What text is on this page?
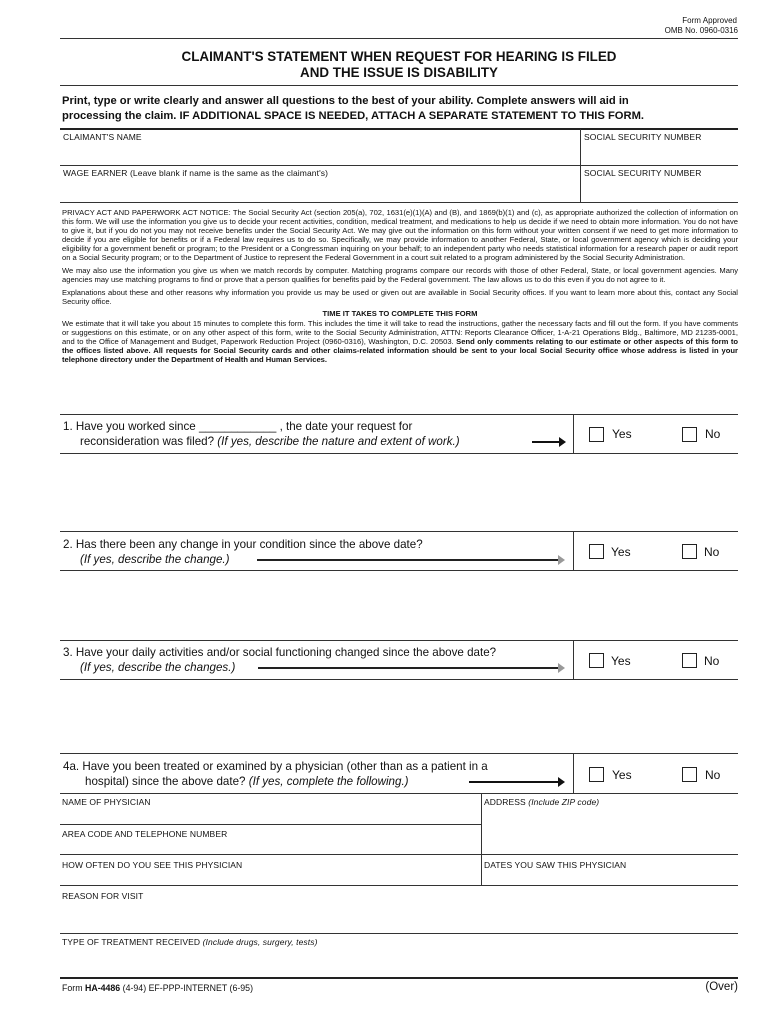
Form Approved
OMB No. 0960-0316
CLAIMANT'S STATEMENT WHEN REQUEST FOR HEARING IS FILED
AND THE ISSUE IS DISABILITY
Print, type or write clearly and answer all questions to the best of your ability. Complete answers will aid in
processing the claim. IF ADDITIONAL SPACE IS NEEDED, ATTACH A SEPARATE STATEMENT TO THIS FORM.
CLAIMANT'S NAME	SOCIAL SECURITY NUMBER
WAGE EARNER (Leave blank if name is the same as the claimant's)	SOCIAL SECURITY NUMBER

PRIVACY ACT AND PAPERWORK ACT NOTICE: The Social Security Act (section 205(a), 702, 1631(e)(1)(A) and (B), and 1869(b)(1) and (c), as appropriate authorized the collection of information on this form. We will use the information you give us to decide your recent activities, condition, medical treatment, and medications to help us decide if we need to obtain more information. You do not have to give it, but if you do not you may not receive benefits under the Social Security Act. We may give out the information on this form without your written consent if we need to get more information to decide if you are eligible for benefits or if a Federal law requires us to do so. Specifically, we may provide information to another Federal, State, or local government agency which is deciding your eligibility for a government benefit or program; to the President or a Congressman inquiring on your behalf; to an independent party who needs statistical information for a research paper or audit report on a Social Security program; or to the Department of Justice to represent the Federal Government in a court suit related to a program administered by the Social Security Administration.

We may also use the information you give us when we match records by computer. Matching programs compare our records with those of other Federal, State, or local government agencies. Many agencies may use matching programs to find or prove that a person qualifies for benefits paid by the Federal government. The law allows us to do this even if you do not agree to it.

Explanations about these and other reasons why information you provide us may be used or given out are available in Social Security offices. If you want to learn more about this, contact any Social Security office.

TIME IT TAKES TO COMPLETE THIS FORM

We estimate that it will take you about 15 minutes to complete this form. This includes the time it will take to read the instructions, gather the necessary facts and fill out the form. If you have comments or suggestions on this estimate, or on any other aspect of this form, write to the Social Security Administration, ATTN: Reports Clearance Officer, 1-A-21 Operations Bldg., Baltimore, MD 21235-0001, and to the Office of Management and Budget, Paperwork Reduction Project (0960-0316), Washington, D.C. 20503. Send only comments relating to our estimate or other aspects of this form to the offices listed above. All requests for Social Security cards and other claims-related information should be sent to your local Social Security office whose address is listed in your telephone directory under the Department of Health and Human Services.

1. Have you worked since ____________ , the date your request for
reconsideration was filed? (If yes, describe the nature and extent of work.)
Yes	No
2. Has there been any change in your condition since the above date?
(If yes, describe the change.)
Yes	No
3. Have your daily activities and/or social functioning changed since the above date?
(If yes, describe the changes.)	Yes	No
4a. Have you been treated or examined by a physician (other than as a patient in a
hospital) since the above date? (If yes, complete the following.)	Yes	No
NAME OF PHYSICIAN	ADDRESS (Include ZIP code)
AREA CODE AND TELEPHONE NUMBER
HOW OFTEN DO YOU SEE THIS PHYSICIAN	DATES YOU SAW THIS PHYSICIAN
REASON FOR VISIT
TYPE OF TREATMENT RECEIVED (Include drugs, surgery, tests)
Form HA-4486 (4-94) EF-PPP-INTERNET (6-95)	(Over)
